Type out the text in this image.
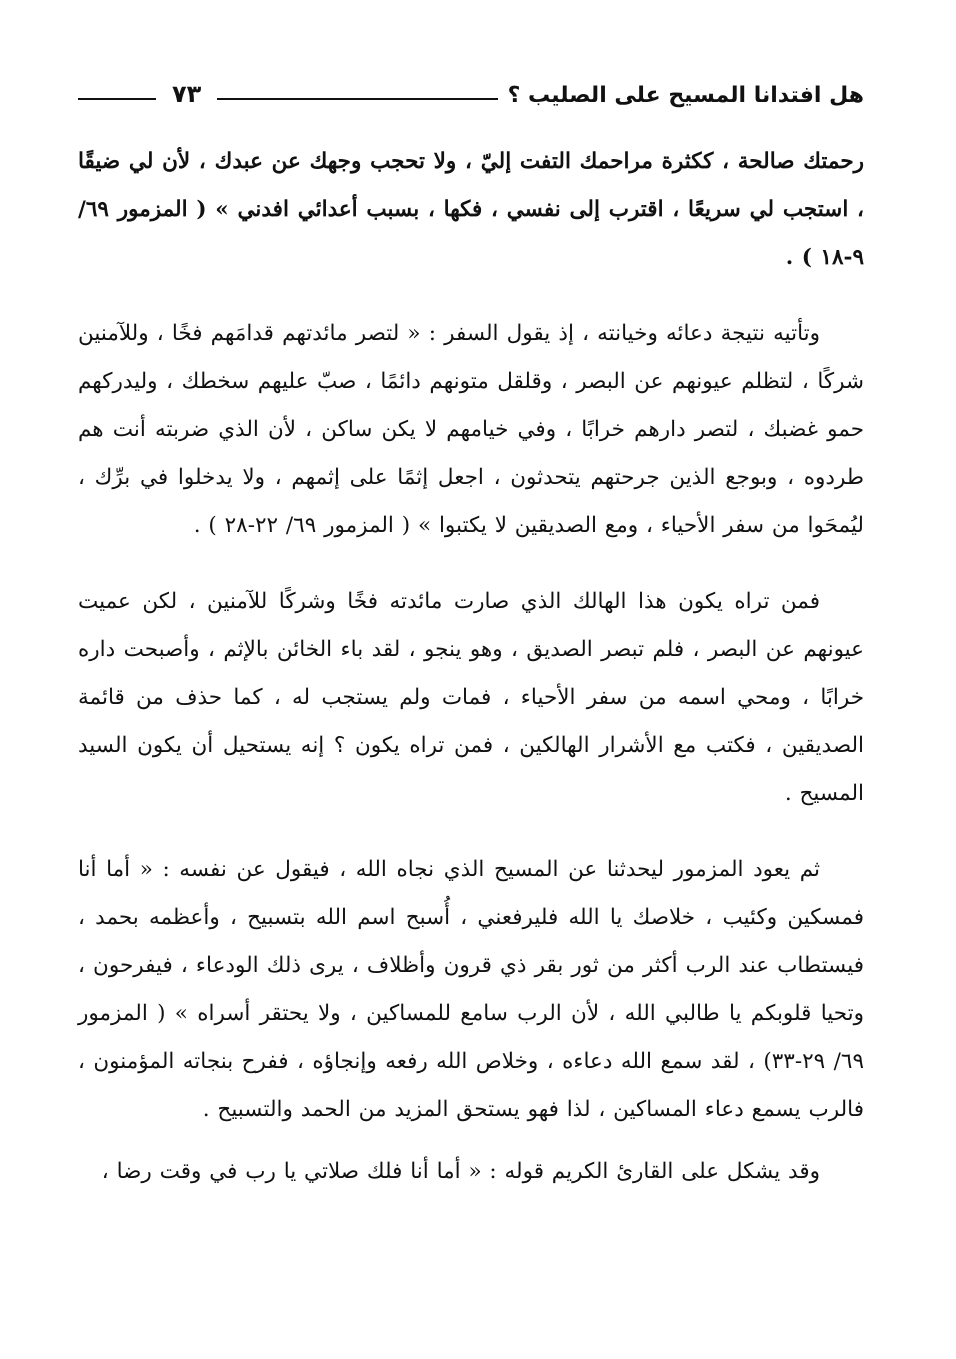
هل افتدانا المسيح على الصليب ؟
٧٣

رحمتك صالحة ، ككثرة مراحمك التفت إليّ ، ولا تحجب وجهك عن عبدك ، لأن لي ضيقًا ، استجب لي سريعًا ، اقترب إلى نفسي ، فكها ، بسبب أعدائي افدني » ( المزمور ٦٩/ ٩-١٨ ) .

وتأتيه نتيجة دعائه وخيانته ، إذ يقول السفر : « لتصر مائدتهم قدامَهم فخًا ، وللآمنين شركًا ، لتظلم عيونهم عن البصر ، وقلقل متونهم دائمًا ، صبّ عليهم سخطك ، وليدركهم حمو غضبك ، لتصر دارهم خرابًا ، وفي خيامهم لا يكن ساكن ، لأن الذي ضربته أنت هم طردوه ، وبوجع الذين جرحتهم يتحدثون ، اجعل إثمًا على إثمهم ، ولا يدخلوا في برِّك ، ليُمحَوا من سفر الأحياء ، ومع الصديقين لا يكتبوا » ( المزمور ٦٩/ ٢٢-٢٨ ) .

فمن تراه يكون هذا الهالك الذي صارت مائدته فخًا وشركًا للآمنين ، لكن عميت عيونهم عن البصر ، فلم تبصر الصديق ، وهو ينجو ، لقد باء الخائن بالإثم ، وأصبحت داره خرابًا ، ومحي اسمه من سفر الأحياء ، فمات ولم يستجب له ، كما حذف من قائمة الصديقين ، فكتب مع الأشرار الهالكين ، فمن تراه يكون ؟ إنه يستحيل أن يكون السيد المسيح .

ثم يعود المزمور ليحدثنا عن المسيح الذي نجاه الله ، فيقول عن نفسه : « أما أنا فمسكين وكئيب ، خلاصك يا الله فليرفعني ، أُسبح اسم الله بتسبيح ، وأعظمه بحمد ، فيستطاب عند الرب أكثر من ثور بقر ذي قرون وأظلاف ، يرى ذلك الودعاء ، فيفرحون ، وتحيا قلوبكم يا طالبي الله ، لأن الرب سامع للمساكين ، ولا يحتقر أسراه » ( المزمور ٦٩/ ٢٩-٣٣) ، لقد سمع الله دعاءه ، وخلاص الله رفعه وإنجاؤه ، ففرح بنجاته المؤمنون ، فالرب يسمع دعاء المساكين ، لذا فهو يستحق المزيد من الحمد والتسبيح .

وقد يشكل على القارئ الكريم قوله : « أما أنا فلك صلاتي يا رب في وقت رضا ،
